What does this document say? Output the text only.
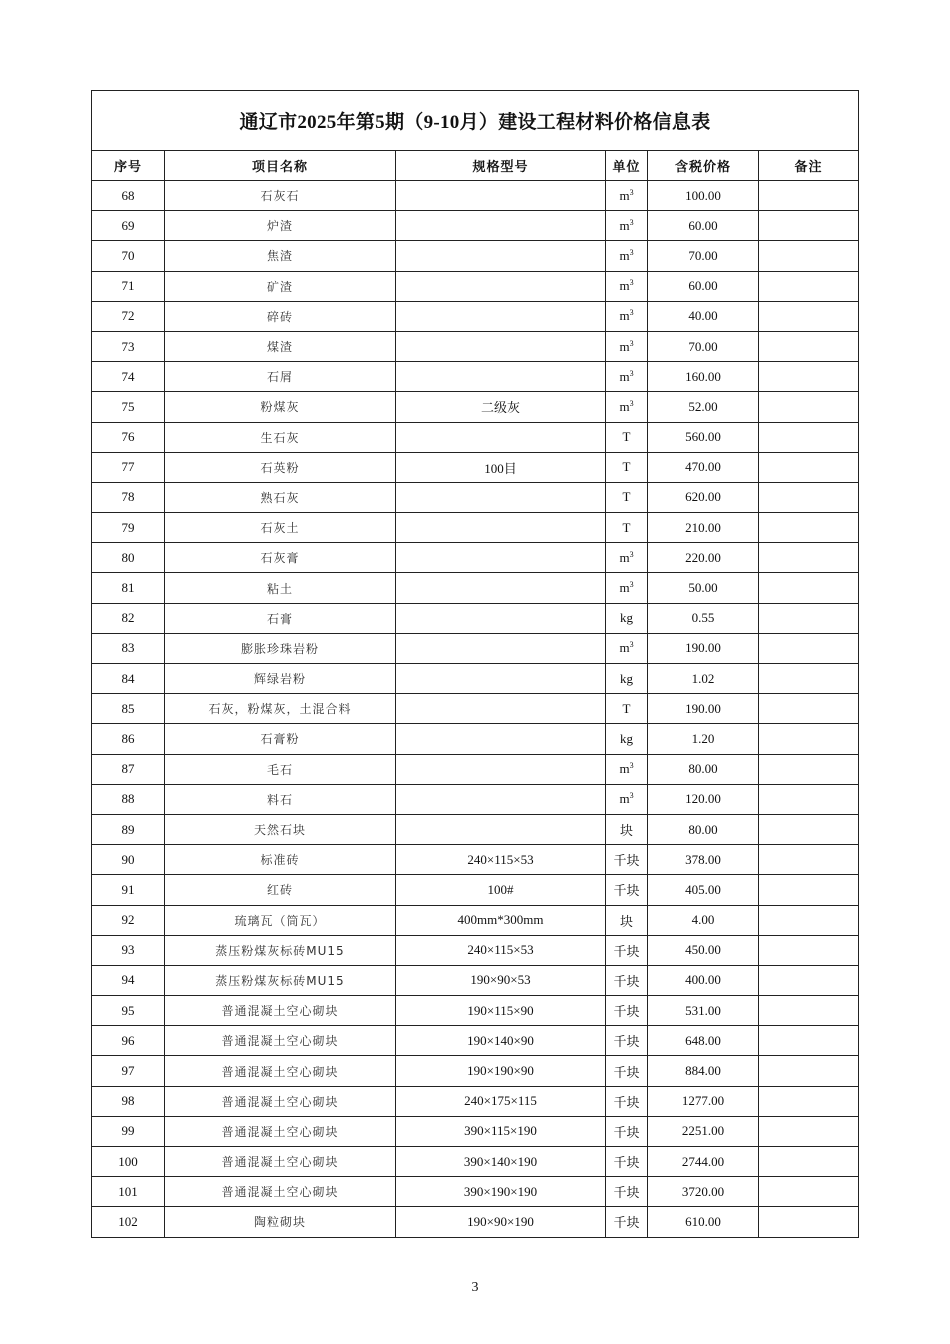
通辽市2025年第5期（9-10月）建设工程材料价格信息表					
序号	项目名称	规格型号	单位	含税价格	备注
68	石灰石		$m^3$	100.00	
69	炉渣		$m^3$	60.00	
70	焦渣		$m^3$	70.00	
71	矿渣		$m^3$	60.00	
72	碎砖		$m^3$	40.00	
73	煤渣		$m^3$	70.00	
74	石屑		$m^3$	160.00	
75	粉煤灰	二级灰	$m^3$	52.00	
76	生石灰		T	560.00	
77	石英粉	100目	T	470.00	
78	熟石灰		T	620.00	
79	石灰土		T	210.00	
80	石灰膏		$m^3$	220.00	
81	粘土		$m^3$	50.00	
82	石膏		kg	0.55	
83	膨胀珍珠岩粉		$m^3$	190.00	
84	辉绿岩粉		kg	1.02	
85	石灰，粉煤灰，土混合料		T	190.00	
86	石膏粉		kg	1.20	
87	毛石		$m^3$	80.00	
88	料石		$m^3$	120.00	
89	天然石块		块	80.00	
90	标准砖	240×115×53	千块	378.00	
91	红砖	100#	千块	405.00	
92	琉璃瓦（筒瓦）	400mm*300mm	块	4.00	
93	蒸压粉煤灰标砖MU15	240×115×53	千块	450.00	
94	蒸压粉煤灰标砖MU15	190×90×53	千块	400.00	
95	普通混凝土空心砌块	190×115×90	千块	531.00	
96	普通混凝土空心砌块	190×140×90	千块	648.00	
97	普通混凝土空心砌块	190×190×90	千块	884.00	
98	普通混凝土空心砌块	240×175×115	千块	1277.00	
99	普通混凝土空心砌块	390×115×190	千块	2251.00	
100	普通混凝土空心砌块	390×140×190	千块	2744.00	
101	普通混凝土空心砌块	390×190×190	千块	3720.00	
102	陶粒砌块	190×90×190	千块	610.00	
3
